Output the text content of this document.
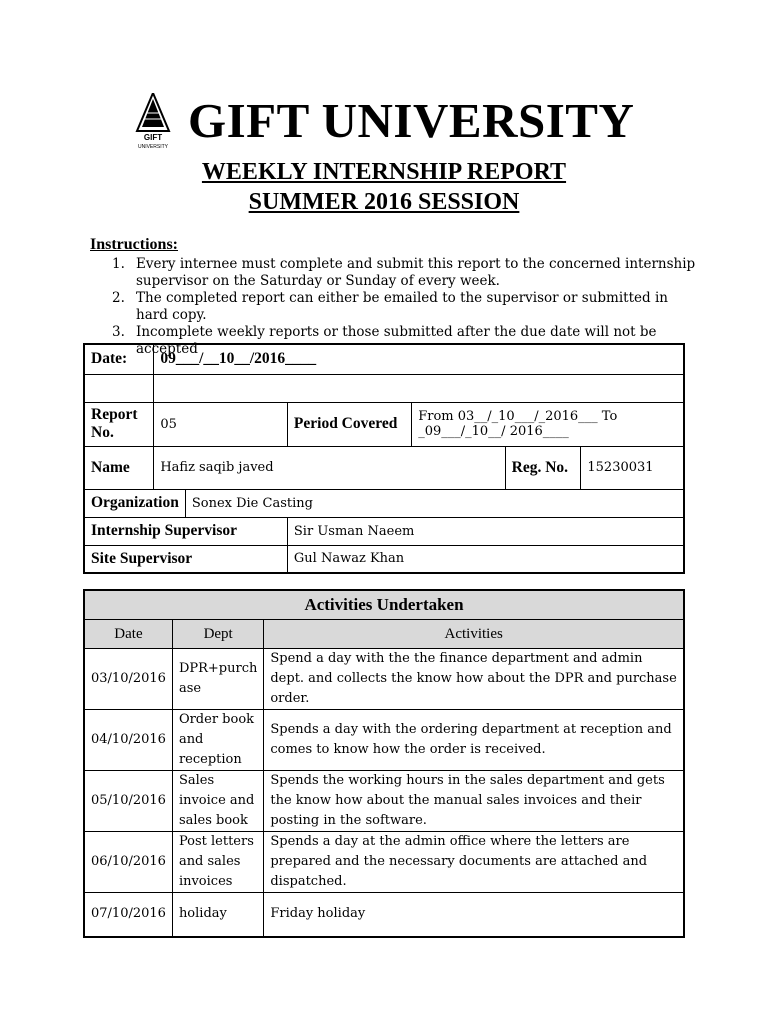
GIFT
UNIVERSITY GIFT UNIVERSITY
WEEKLY INTERNSHIP REPORT
SUMMER 2016 SESSION
Instructions:
1. Every internee must complete and submit this report to the concerned internship supervisor on the Saturday or Sunday of every week.
2. The completed report can either be emailed to the supervisor or submitted in hard copy.
3. Incomplete weekly reports or those submitted after the due date will not be accepted
Date:	09___/__10__/2016____					

Report No.	05		Period Covered	From 03__/_10___/_2016___ To
_09___/_10__/ 2016____		

Name	Hafiz saqib javed				Reg. No.	15230031
Organization		Sonex Die Casting				
Internship Supervisor			Sir Usman Naeem			
Site Supervisor			Gul Nawaz Khan			
Activities Undertaken		
Date	Dept	Activities
03/10/2016	DPR+purch ase	Spend a day with the the finance department and admin dept. and collects the know how about the DPR and purchase order.
04/10/2016	Order book and reception	Spends a day with the ordering department at reception and comes to know how the order is received.
05/10/2016	Sales invoice and sales book	Spends the working hours in the sales department and gets the know how about the manual sales invoices and their posting in the software.
06/10/2016	Post letters and sales invoices	Spends a day at the admin office where the letters are prepared and the necessary documents are attached and dispatched.
07/10/2016	holiday	Friday holiday
